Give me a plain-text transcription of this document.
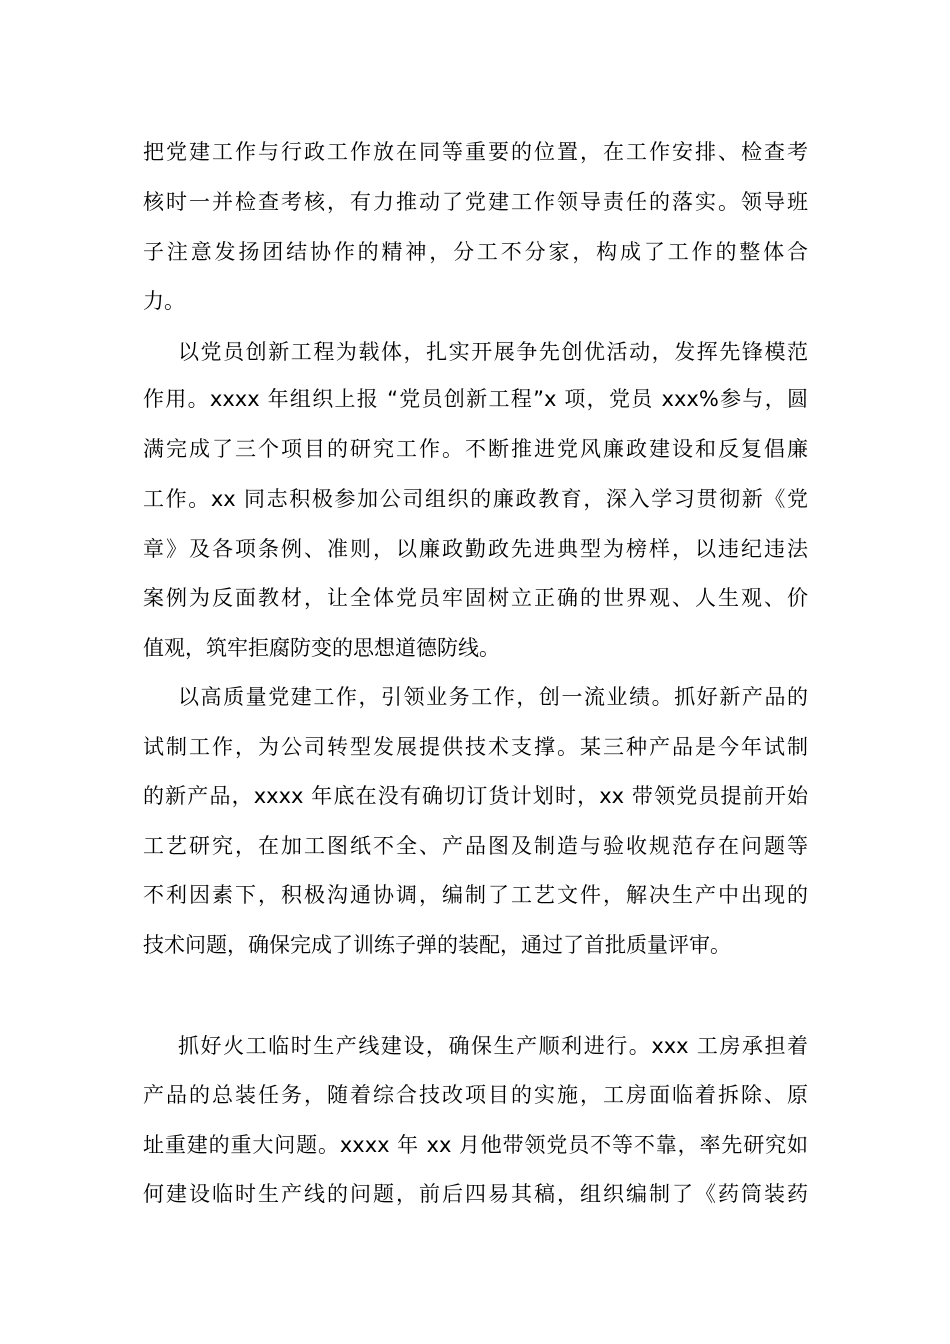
把党建工作与行政工作放在同等重要的位置，在工作安排、检查考
核时一并检查考核，有力推动了党建工作领导责任的落实。领导班
子注意发扬团结协作的精神，分工不分家，构成了工作的整体合
力。
以党员创新工程为载体，扎实开展争先创优活动，发挥先锋模范
作用。xxxx 年组织上报 “党员创新工程”x 项，党员 xxx%参与，圆
满完成了三个项目的研究工作。不断推进党风廉政建设和反复倡廉
工作。xx 同志积极参加公司组织的廉政教育，深入学习贯彻新《党
章》及各项条例、准则，以廉政勤政先进典型为榜样，以违纪违法
案例为反面教材，让全体党员牢固树立正确的世界观、人生观、价
值观，筑牢拒腐防变的思想道德防线。
以高质量党建工作，引领业务工作，创一流业绩。抓好新产品的
试制工作，为公司转型发展提供技术支撑。某三种产品是今年试制
的新产品，xxxx 年底在没有确切订货计划时，xx 带领党员提前开始
工艺研究，在加工图纸不全、产品图及制造与验收规范存在问题等
不利因素下，积极沟通协调，编制了工艺文件，解决生产中出现的
技术问题，确保完成了训练子弹的装配，通过了首批质量评审。
抓好火工临时生产线建设，确保生产顺利进行。xxx 工房承担着
产品的总装任务，随着综合技改项目的实施，工房面临着拆除、原
址重建的重大问题。xxxx 年 xx 月他带领党员不等不靠，率先研究如
何建设临时生产线的问题，前后四易其稿，组织编制了《药筒装药
